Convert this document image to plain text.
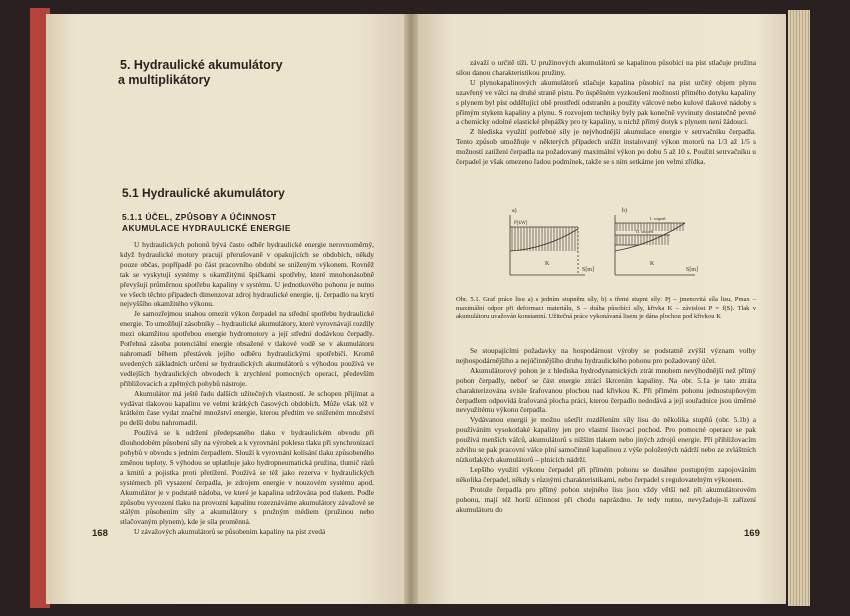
5. Hydraulické akumulátory
a multiplikátory
5.1 Hydraulické akumulátory
5.1.1 ÚČEL, ZPŮSOBY A ÚČINNOST
AKUMULACE HYDRAULICKÉ ENERGIE

U hydraulických pohonů bývá často odběr hydraulické energie nerovnoměrný, když hydraulické motory pracují přerušovaně v opakujících se obdobích, někdy pouze občas, popřípadě po část pracovního období se sníženým výkonem. Rovněž tak se vyskytují systémy s okamžitými špičkami spotřeby, které mnohonásobně převyšují průměrnou spotřebu kapaliny v systému. U jednotkového pohonu je nutno ve všech těchto případech dimenzovat zdroj hydraulické energie, tj. čerpadlo na krytí nejvyššího okamžitého výkonu.

Je samozřejmou snahou omezit výkon čerpadel na střední spotřebu hydraulické energie. To umožňují zásobníky – hydraulické akumulátory, které vyrovnávají rozdíly mezi okamžitou spotřebou energie hydromotory a její střední dodávkou čerpadly. Potřebná zásoba potenciální energie obsažené v tlakové vodě se v akumulátoru nahromadí během přestávek jejího odběru hydraulickými spotřebiči. Kromě uvedených základních určení se hydraulických akumulátorů s výhodou používá ve vedlejších hydraulických obvodech k zrychlení pomocných operací, především přibližovacích a zpětných pohybů nástroje.

Akumulátor má ještě řadu dalších užitečných vlastností. Je schopen přijímat a vydávat tlakovou kapalinu ve velmi krátkých časových obdobích. Může však též v krátkém čase vydat značné množství energie, kterou předtím ve sníženém množství po delší dobu nahromadil.

Používá se k udržení předepsaného tlaku v hydraulickém obvodu při dlouhodobém působení síly na výrobek a k vyrovnání poklesu tlaku při synchronizaci pohybů v obvodu s jedním čerpadlem. Slouží k vyrovnání kolísání tlaku způsobeného změnou teploty. S výhodou se uplatňuje jako hydropneumatická pružina, tlumič rázů a kmitů a pojistka proti přetížení. Používá se též jako rezerva v hydraulických systémech při vysazení čerpadla, je zdrojem energie v nouzovém systému apod. Akumulátor je v podstatě nádoba, ve které je kapalina udržována pod tlakem. Podle způsobu vyvození tlaku na provozní kapalinu rozeznáváme akumulátory závažové se stálým působením síly a akumulátory s pružným médiem (pružinou nebo stlačovaným plynem), kde je síla proměnná.

U závažových akumulátorů se působením kapaliny na píst zvedá

168

závaží o určitě tíži. U pružinových akumulátorů se kapalinou působící na píst stlačuje pružina silou danou charakteristikou pružiny.

U plynokapalinových akumulátorů stlačuje kapalina působící na píst určitý objem plynu uzavřený ve válci na druhé straně pístu. Po úspěšném vyzkoušení možnosti přímého dotyku kapaliny s plynem byl píst oddělující obě prostředí odstraněn a použity válcové nebo kulové tlakové nádoby s přímým stykem kapaliny a plynu. S rozvojem techniky byly pak konečně vyvinuty dostatečně pevné a chemicky odolné elastické přepážky pro ty kapaliny, u nichž přímý dotyk s plynem není žádoucí.

Z hlediska využití potřebné síly je nejvhodnější akumulace energie v setrvačníku čerpadla. Tento způsob umožňuje v některých případech snížit instalovaný výkon motorů na 1/3 až 1/5 s možností zatížení čerpadla na požadovaný maximální výkon po dobu 5 až 10 s. Použití setrvačníku u čerpadel je však omezeno řadou podmínek, takže se s ním setkáme jen velmi zřídka.

a)
P[kW]
K
S[m]
b)
I. stupeň
II. stupeň
K
S[m]
Obr. 5.1. Graf práce lisu a) s jedním stupněm síly, b) s třemi stupni síly: Pj – jmenovitá síla lisu, Pmax – maximální odpor při deformaci materiálu, S – dráha působící síly, křivka K – závislost P = f(S). Tlak v akumulátoru uvažován konstantní. Užitečná práce vykonávaná lisem je dána plochou pod křivkou K

Se stoupajícími požadavky na hospodárnost výroby se podstatně zvýšil význam volby nejhospodárnějšího a nejúčinnějšího druhu hydraulického pohonu pro požadovaný účel.

Akumulátorový pohon je z hlediska hydrodynamických ztrát mnohem nevýhodnější než přímý pohon čerpadly, neboť se část energie ztrácí škrcením kapaliny. Na obr. 5.1a je tato ztráta charakterizována svisle šrafovanou plochou nad křivkou K. Při přímém pohonu jednostupňovým čerpadlem odpovídá šrafovaná plocha práci, kterou čerpadlo nedodává a její souřadnice jsou úměrné nevyužitému výkonu čerpadla.

Vydávanou energii je možno ušetřit rozdělením síly lisu do několika stupňů (obr. 5.1b) a používáním vysokotlaké kapaliny jen pro vlastní lisovací pochod. Pro pomocné operace se pak používá menších válců, akumulátorů s nižším tlakem nebo jiných zdrojů energie. Při přibližovacím zdvihu se pak pracovní válce plní samočinně kapalinou z výše položených nádrží nebo ze zvláštních nízkotlakých akumulátorů – plnicích nádrží.

Lepšího využití výkonu čerpadel při přímém pohonu se dosáhne postupným zapojováním několika čerpadel, někdy s různými charakteristikami, nebo čerpadel s regulovatelným výkonem.

Protože čerpadla pro přímý pohon stejného lisu jsou vždy větší než při akumulátorovém pohonu, mají též horší účinnost při chodu naprázdno. Je tedy nutno, nevyžaduje-li zařízení akumulátoru do

169
